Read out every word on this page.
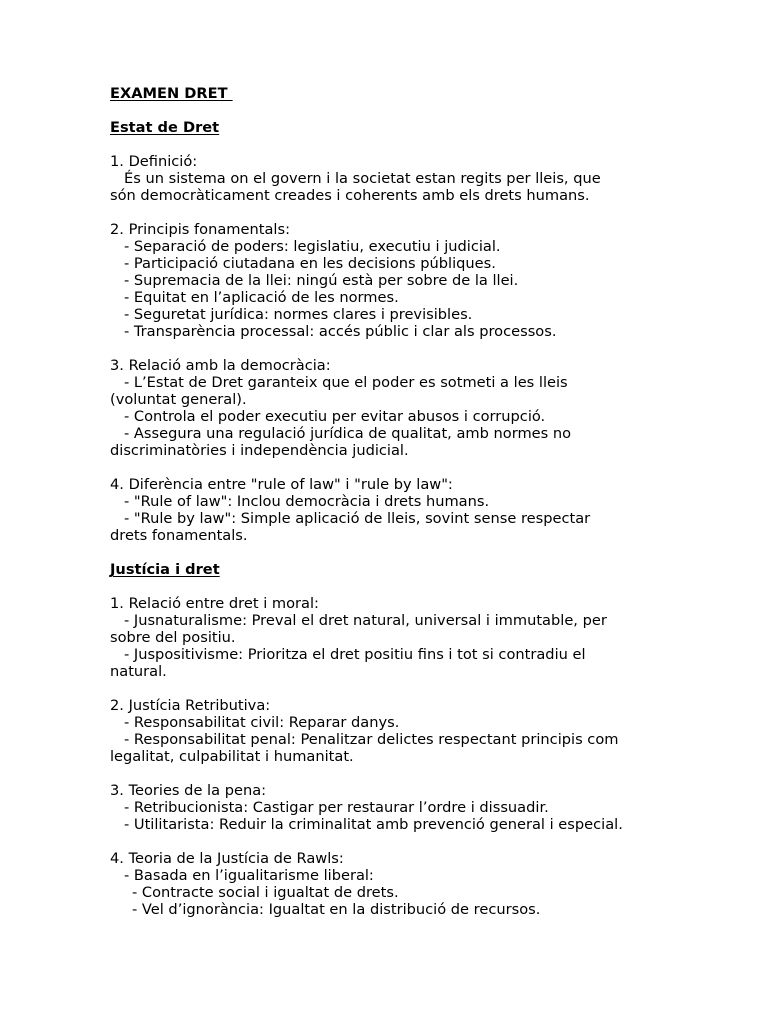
EXAMEN DRET
Estat de Dret
1. Definició:
És un sistema on el govern i la societat estan regits per lleis, que
són democràticament creades i coherents amb els drets humans.
2. Principis fonamentals:
- Separació de poders: legislatiu, executiu i judicial.
- Participació ciutadana en les decisions públiques.
- Supremacia de la llei: ningú està per sobre de la llei.
- Equitat en l’aplicació de les normes.
- Seguretat jurídica: normes clares i previsibles.
- Transparència processal: accés públic i clar als processos.
3. Relació amb la democràcia:
- L’Estat de Dret garanteix que el poder es sotmeti a les lleis
(voluntat general).
- Controla el poder executiu per evitar abusos i corrupció.
- Assegura una regulació jurídica de qualitat, amb normes no
discriminatòries i independència judicial.
4. Diferència entre "rule of law" i "rule by law":
- "Rule of law": Inclou democràcia i drets humans.
- "Rule by law": Simple aplicació de lleis, sovint sense respectar
drets fonamentals.
Justícia i dret
1. Relació entre dret i moral:
- Jusnaturalisme: Preval el dret natural, universal i immutable, per
sobre del positiu.
- Juspositivisme: Prioritza el dret positiu fins i tot si contradiu el
natural.
2. Justícia Retributiva:
- Responsabilitat civil: Reparar danys.
- Responsabilitat penal: Penalitzar delictes respectant principis com
legalitat, culpabilitat i humanitat.
3. Teories de la pena:
- Retribucionista: Castigar per restaurar l’ordre i dissuadir.
- Utilitarista: Reduir la criminalitat amb prevenció general i especial.
4. Teoria de la Justícia de Rawls:
- Basada en l’igualitarisme liberal:
- Contracte social i igualtat de drets.
- Vel d’ignorància: Igualtat en la distribució de recursos.
